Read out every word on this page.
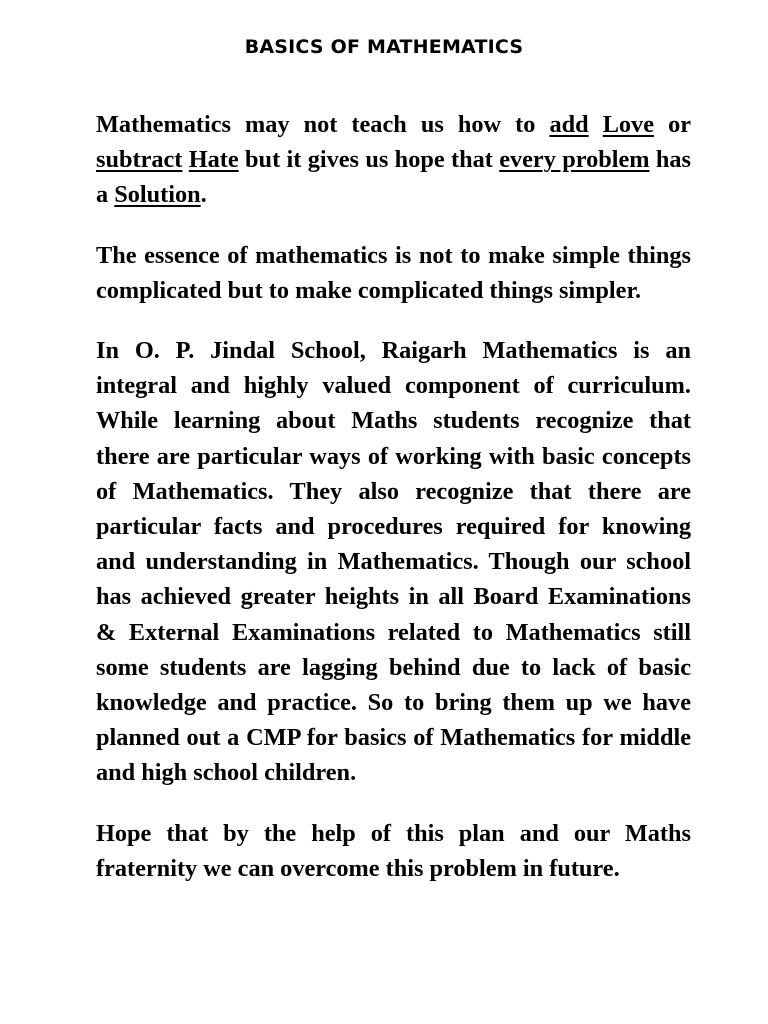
BASICS OF MATHEMATICS

Mathematics may not teach us how to add Love or subtract Hate but it gives us hope that every problem has a Solution.

The essence of mathematics is not to make simple things complicated but to make complicated things simpler.

In O. P. Jindal School, Raigarh Mathematics is an integral and highly valued component of curriculum. While learning about Maths students recognize that there are particular ways of working with basic concepts of Mathematics. They also recognize that there are particular facts and procedures required for knowing and understanding in Mathematics. Though our school has achieved greater heights in all Board Examinations & External Examinations related to Mathematics still some students are lagging behind due to lack of basic knowledge and practice. So to bring them up we have planned out a CMP for basics of Mathematics for middle and high school children.

Hope that by the help of this plan and our Maths fraternity we can overcome this problem in future.
